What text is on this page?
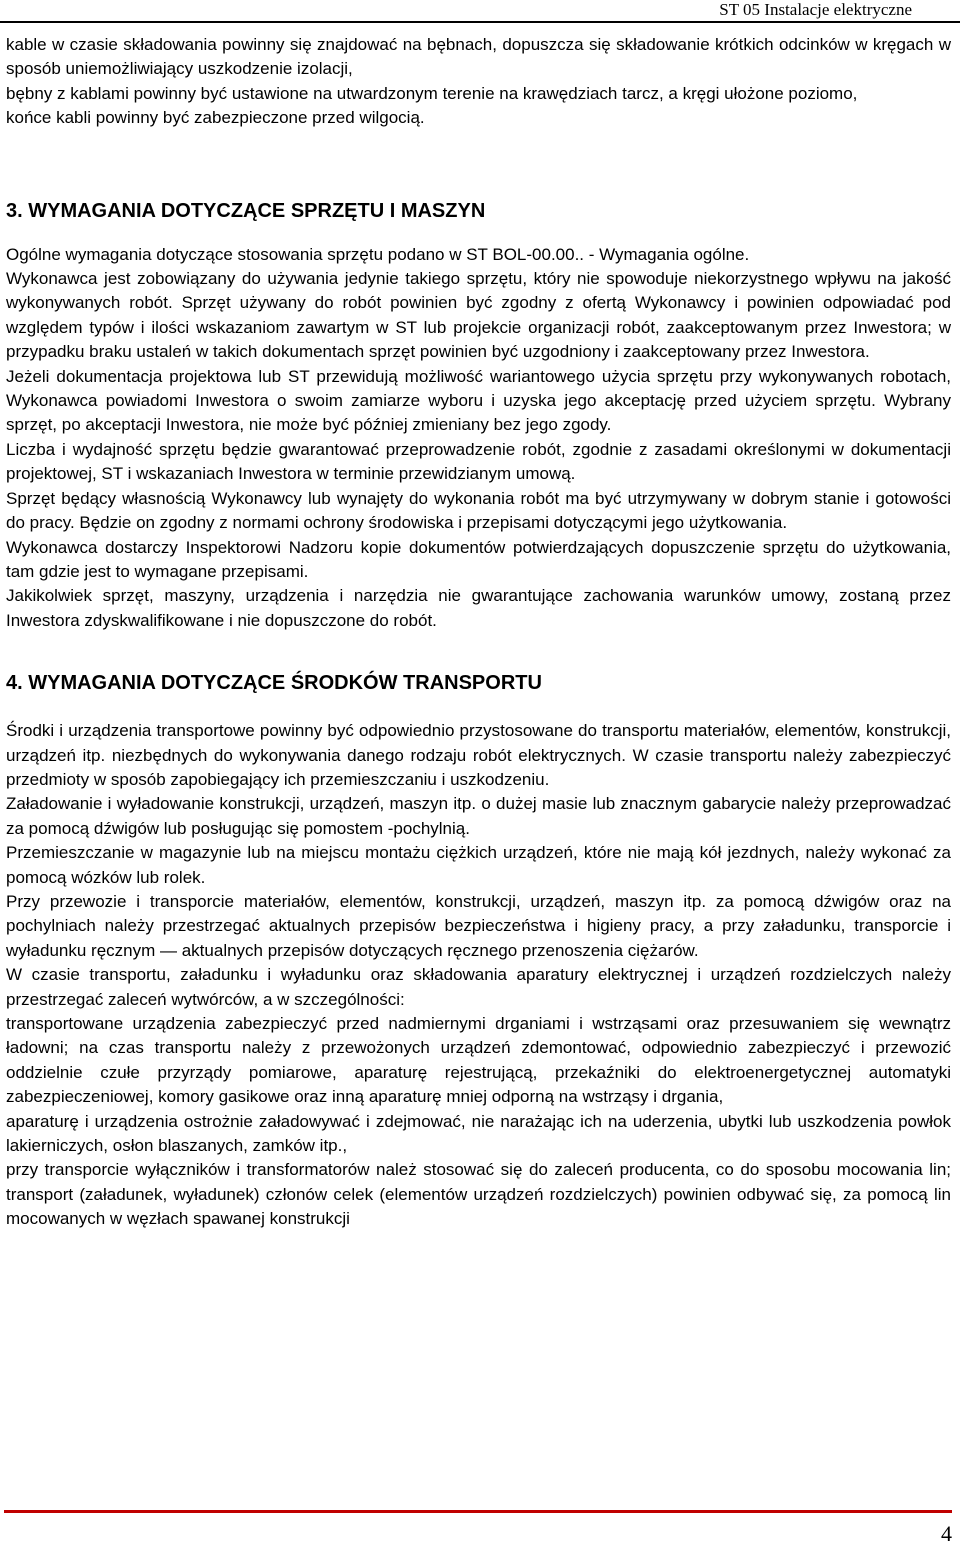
ST 05 Instalacje elektryczne

kable w czasie składowania powinny się znajdować na bębnach, dopuszcza się składowanie krótkich odcinków w kręgach w sposób uniemożliwiający uszkodzenie izolacji,

bębny z kablami powinny być ustawione na utwardzonym terenie na krawędziach tarcz, a kręgi ułożone poziomo,

końce kabli powinny być zabezpieczone przed wilgocią.

3. WYMAGANIA DOTYCZĄCE SPRZĘTU I MASZYN

Ogólne wymagania dotyczące stosowania sprzętu podano w ST BOL-00.00.. - Wymagania ogólne.

Wykonawca jest zobowiązany do używania jedynie takiego sprzętu, który nie spowoduje niekorzystnego wpływu na jakość wykonywanych robót. Sprzęt używany do robót powinien być zgodny z ofertą Wykonawcy i powinien odpowiadać pod względem typów i ilości wskazaniom zawartym w ST lub projekcie organizacji robót, zaakceptowanym przez Inwestora; w przypadku braku ustaleń w takich dokumentach sprzęt powinien być uzgodniony i zaakceptowany przez Inwestora.

Jeżeli dokumentacja projektowa lub ST przewidują możliwość wariantowego użycia sprzętu przy wykonywanych robotach, Wykonawca powiadomi Inwestora o swoim zamiarze wyboru i uzyska jego akceptację przed użyciem sprzętu. Wybrany sprzęt, po akceptacji Inwestora, nie może być później zmieniany bez jego zgody.

Liczba i wydajność sprzętu będzie gwarantować przeprowadzenie robót, zgodnie z zasadami określonymi w dokumentacji projektowej, ST i wskazaniach Inwestora w terminie przewidzianym umową.

Sprzęt będący własnością Wykonawcy lub wynajęty do wykonania robót ma być utrzymywany w dobrym stanie i gotowości do pracy. Będzie on zgodny z normami ochrony środowiska i przepisami dotyczącymi jego użytkowania.

Wykonawca dostarczy Inspektorowi Nadzoru kopie dokumentów potwierdzających dopuszczenie sprzętu do użytkowania, tam gdzie jest to wymagane przepisami.

Jakikolwiek sprzęt, maszyny, urządzenia i narzędzia nie gwarantujące zachowania warunków umowy, zostaną przez Inwestora zdyskwalifikowane i nie dopuszczone do robót.

4. WYMAGANIA DOTYCZĄCE ŚRODKÓW TRANSPORTU

Środki i urządzenia transportowe powinny być odpowiednio przystosowane do transportu materiałów, elementów, konstrukcji, urządzeń itp. niezbędnych do wykonywania danego rodzaju robót elektrycznych. W czasie transportu należy zabezpieczyć przedmioty w sposób zapobiegający ich przemieszczaniu i uszkodzeniu.

Załadowanie i wyładowanie konstrukcji, urządzeń, maszyn itp. o dużej masie lub znacznym gabarycie należy przeprowadzać za pomocą dźwigów lub posługując się pomostem -pochylnią.

Przemieszczanie w magazynie lub na miejscu montażu ciężkich urządzeń, które nie mają kół jezdnych, należy wykonać za pomocą wózków lub rolek.

Przy przewozie i transporcie materiałów, elementów, konstrukcji, urządzeń, maszyn itp. za pomocą dźwigów oraz na pochylniach należy przestrzegać aktualnych przepisów bezpieczeństwa i higieny pracy, a przy załadunku, transporcie i wyładunku ręcznym — aktualnych przepisów dotyczących ręcznego przenoszenia ciężarów.

W czasie transportu, załadunku i wyładunku oraz składowania aparatury elektrycznej i urządzeń rozdzielczych należy przestrzegać zaleceń wytwórców, a w szczególności:

transportowane urządzenia zabezpieczyć przed nadmiernymi drganiami i wstrząsami oraz przesuwaniem się wewnątrz ładowni; na czas transportu należy z przewożonych urządzeń zdemontować, odpowiednio zabezpieczyć i przewozić oddzielnie czułe przyrządy pomiarowe, aparaturę rejestrującą, przekaźniki do elektroenergetycznej automatyki zabezpieczeniowej, komory gasikowe oraz inną aparaturę mniej odporną na wstrząsy i drgania,

aparaturę i urządzenia ostrożnie załadowywać i zdejmować, nie narażając ich na uderzenia, ubytki lub uszkodzenia powłok lakierniczych, osłon blaszanych, zamków itp.,

przy transporcie wyłączników i transformatorów należ stosować się do zaleceń producenta, co do sposobu mocowania lin; transport (załadunek, wyładunek) członów celek (elementów urządzeń rozdzielczych) powinien odbywać się, za pomocą lin mocowanych w węzłach spawanej konstrukcji

4
